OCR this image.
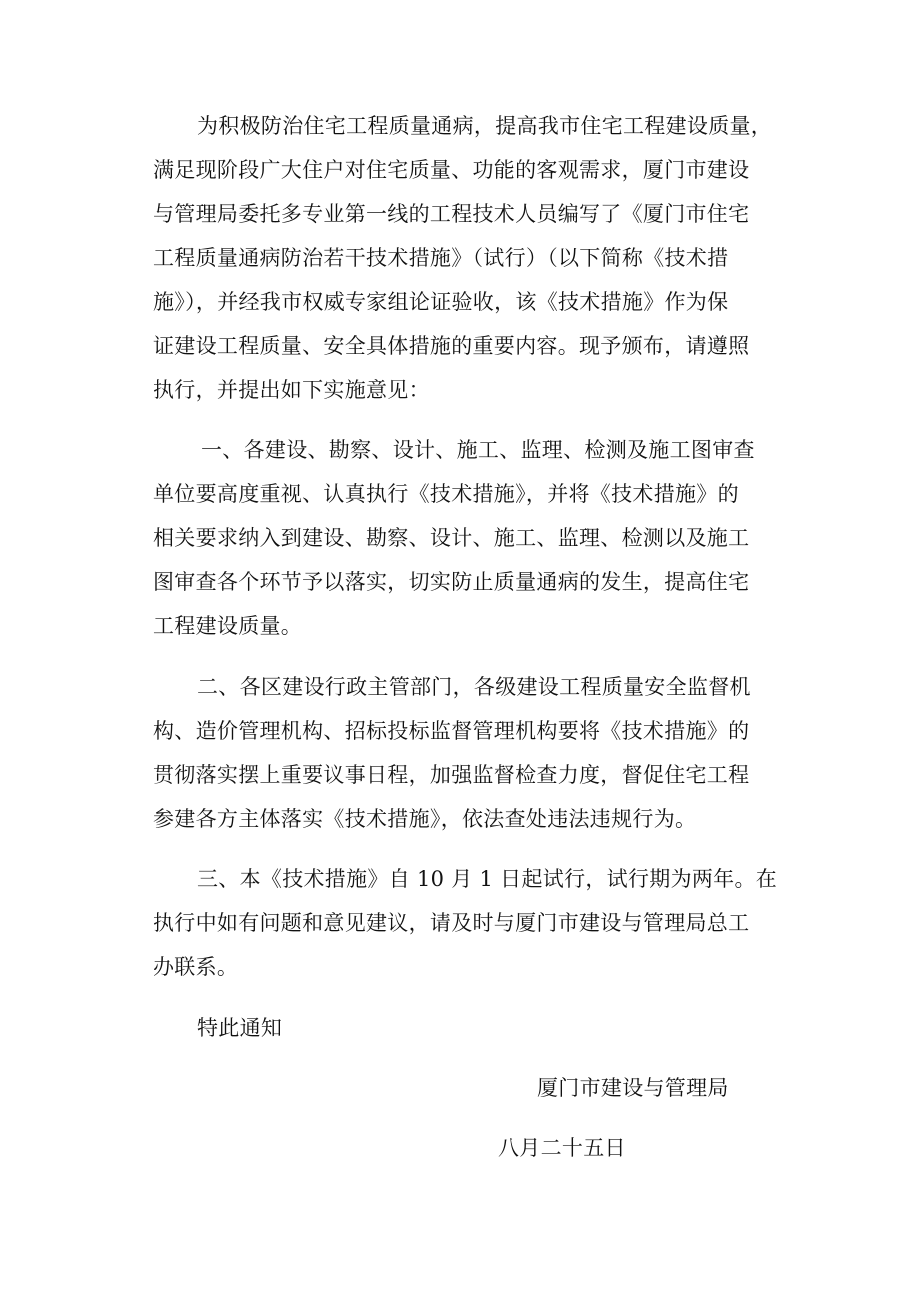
为积极防治住宅工程质量通病，提高我市住宅工程建设质量，
满足现阶段广大住户对住宅质量、功能的客观需求，厦门市建设
与管理局委托多专业第一线的工程技术人员编写了《厦门市住宅
工程质量通病防治若干技术措施》（试行）（以下简称《技术措
施》），并经我市权威专家组论证验收，该《技术措施》作为保
证建设工程质量、安全具体措施的重要内容。现予颁布，请遵照
执行，并提出如下实施意见：
一、各建设、勘察、设计、施工、监理、检测及施工图审查
单位要高度重视、认真执行《技术措施》，并将《技术措施》的
相关要求纳入到建设、勘察、设计、施工、监理、检测以及施工
图审查各个环节予以落实，切实防止质量通病的发生，提高住宅
工程建设质量。
二、各区建设行政主管部门，各级建设工程质量安全监督机
构、造价管理机构、招标投标监督管理机构要将《技术措施》的
贯彻落实摆上重要议事日程，加强监督检查力度，督促住宅工程
参建各方主体落实《技术措施》，依法查处违法违规行为。
三、本《技术措施》自 10 月 1 日起试行，试行期为两年。在
执行中如有问题和意见建议，请及时与厦门市建设与管理局总工
办联系。
特此通知
厦门市建设与管理局
八月二十五日
